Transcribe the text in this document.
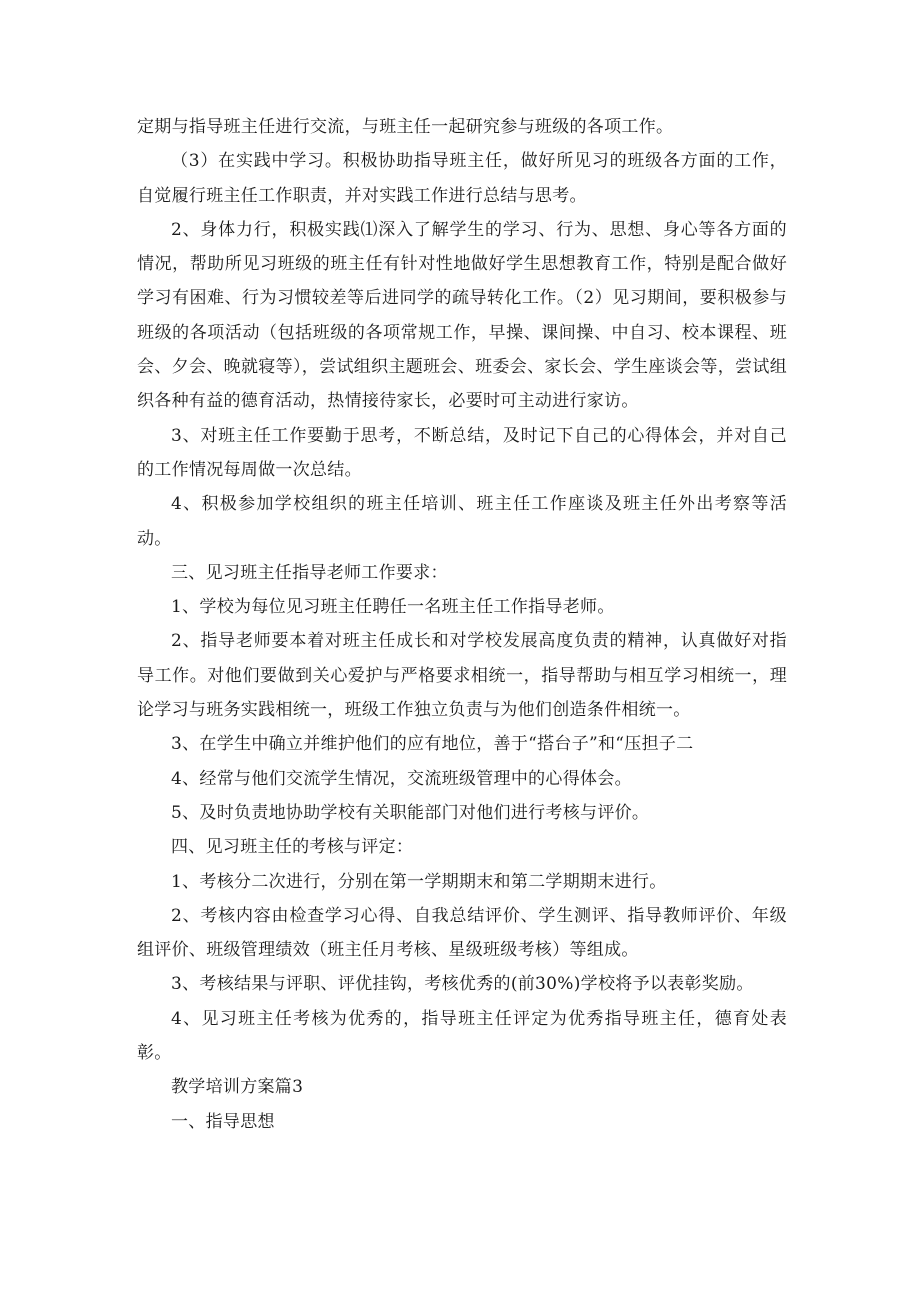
定期与指导班主任进行交流，与班主任一起研究参与班级的各项工作。

（3）在实践中学习。积极协助指导班主任，做好所见习的班级各方面的工作，自觉履行班主任工作职责，并对实践工作进行总结与思考。

2、身体力行，积极实践⑴深入了解学生的学习、行为、思想、身心等各方面的情况，帮助所见习班级的班主任有针对性地做好学生思想教育工作，特别是配合做好学习有困难、行为习惯较差等后进同学的疏导转化工作。（2）见习期间，要积极参与班级的各项活动（包括班级的各项常规工作，早操、课间操、中自习、校本课程、班会、夕会、晚就寝等），尝试组织主题班会、班委会、家长会、学生座谈会等，尝试组织各种有益的德育活动，热情接待家长，必要时可主动进行家访。

3、对班主任工作要勤于思考，不断总结，及时记下自己的心得体会，并对自己的工作情况每周做一次总结。

4、积极参加学校组织的班主任培训、班主任工作座谈及班主任外出考察等活动。

三、见习班主任指导老师工作要求：

1、学校为每位见习班主任聘任一名班主任工作指导老师。

2、指导老师要本着对班主任成长和对学校发展高度负责的精神，认真做好对指导工作。对他们要做到关心爱护与严格要求相统一，指导帮助与相互学习相统一，理论学习与班务实践相统一，班级工作独立负责与为他们创造条件相统一。

3、在学生中确立并维护他们的应有地位，善于“搭台子”和“压担子二

4、经常与他们交流学生情况，交流班级管理中的心得体会。

5、及时负责地协助学校有关职能部门对他们进行考核与评价。

四、见习班主任的考核与评定：

1、考核分二次进行，分别在第一学期期末和第二学期期末进行。

2、考核内容由检查学习心得、自我总结评价、学生测评、指导教师评价、年级组评价、班级管理绩效（班主任月考核、星级班级考核）等组成。

3、考核结果与评职、评优挂钩，考核优秀的(前30%)学校将予以表彰奖励。

4、见习班主任考核为优秀的，指导班主任评定为优秀指导班主任，德育处表彰。

教学培训方案篇3

一、指导思想
